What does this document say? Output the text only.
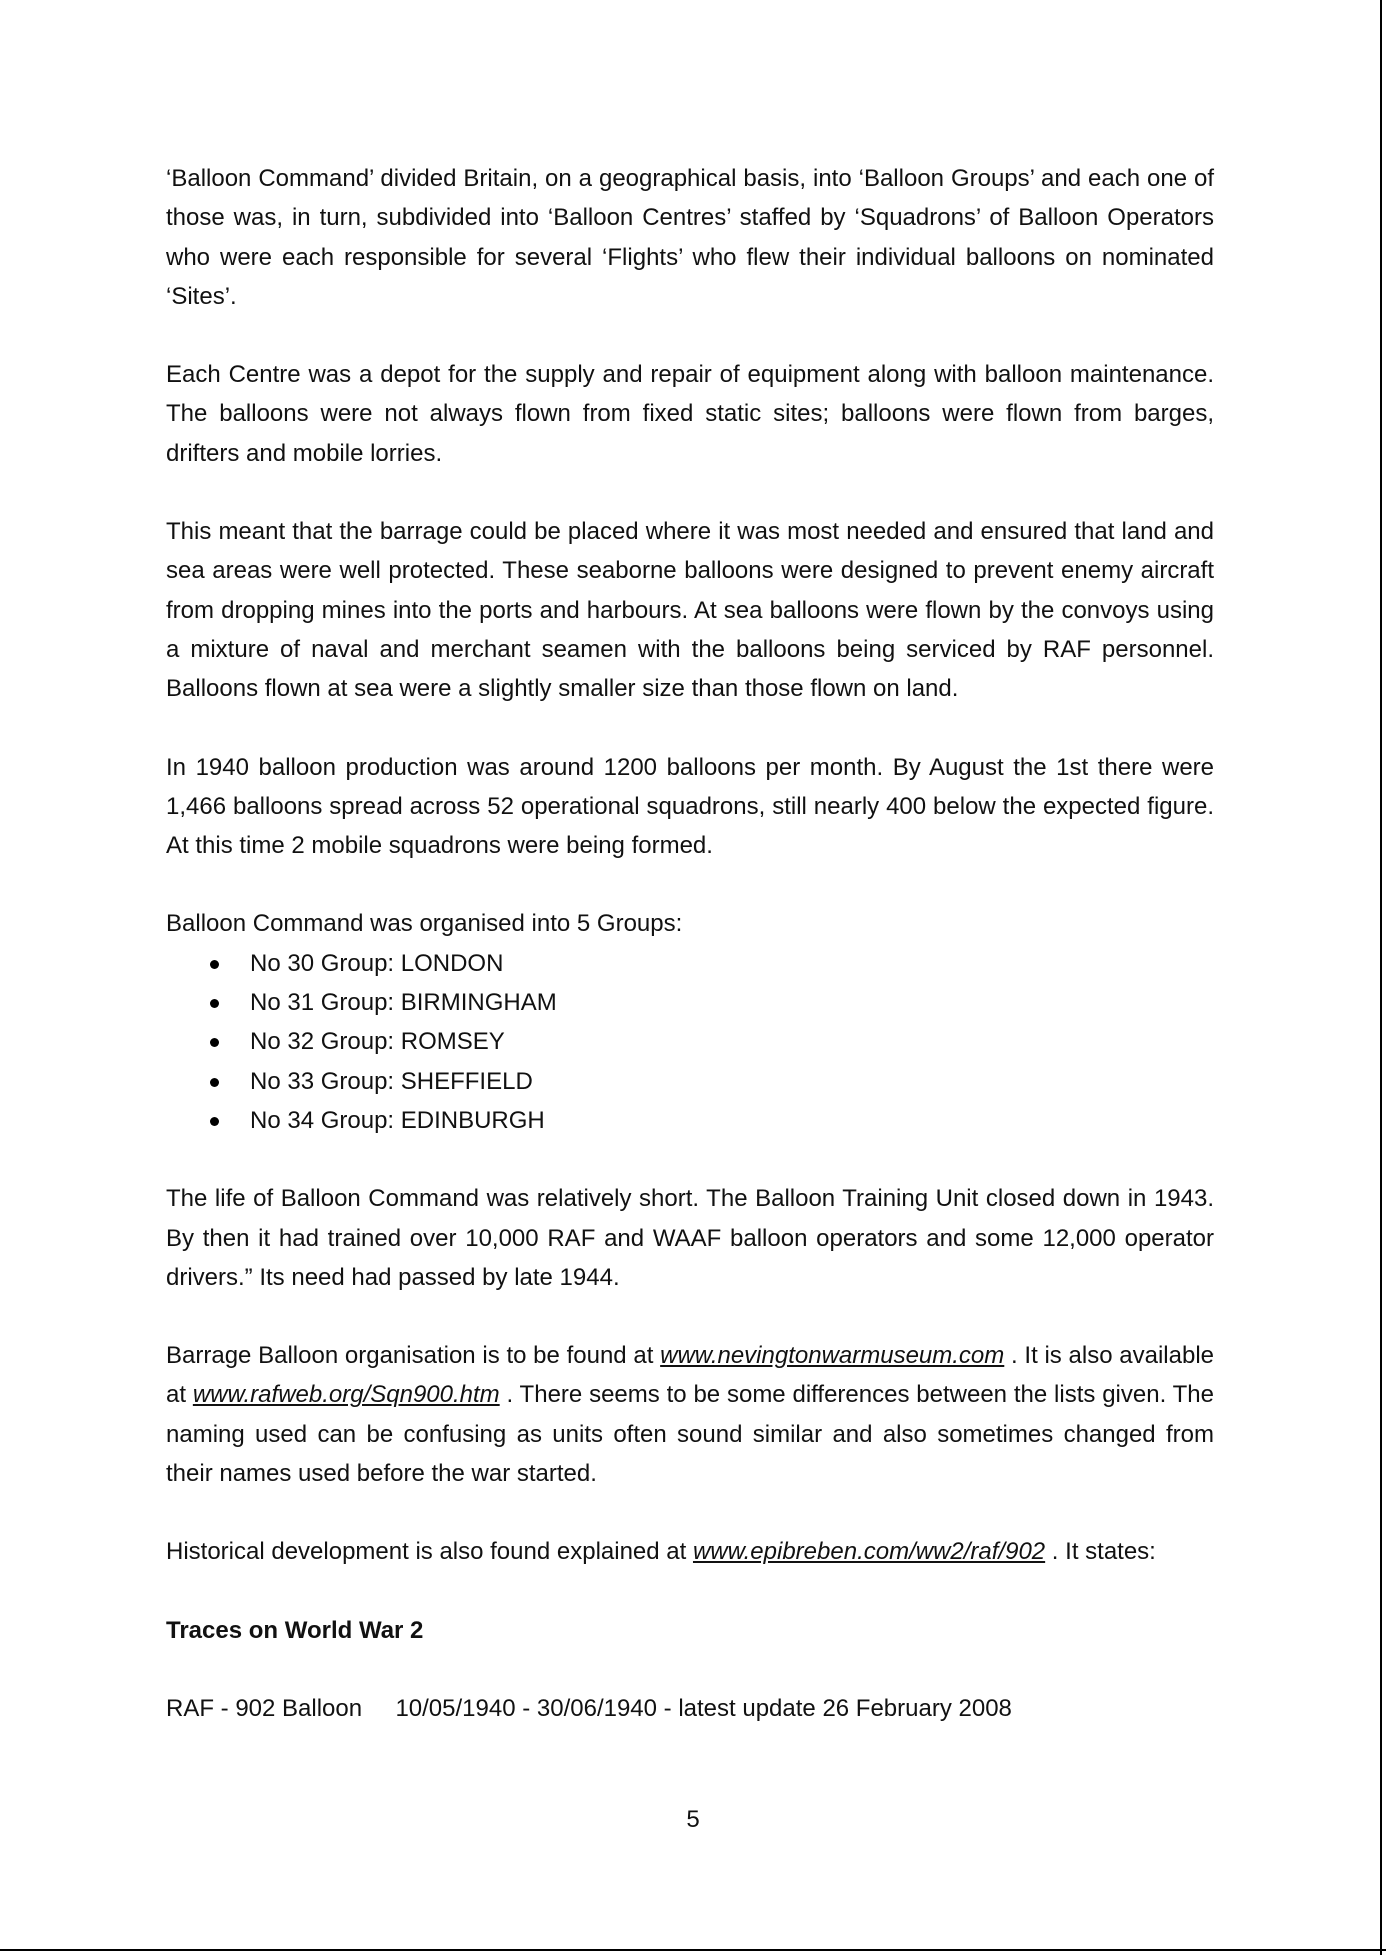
‘Balloon Command’ divided Britain, on a geographical basis, into ‘Balloon Groups’ and each one of those was, in turn, subdivided into ‘Balloon Centres’ staffed by ‘Squadrons’ of Balloon Operators who were each responsible for several ‘Flights’ who flew their individual balloons on nominated ‘Sites’.

Each Centre was a depot for the supply and repair of equipment along with balloon maintenance. The balloons were not always flown from fixed static sites; balloons were flown from barges, drifters and mobile lorries.

This meant that the barrage could be placed where it was most needed and ensured that land and sea areas were well protected. These seaborne balloons were designed to prevent enemy aircraft from dropping mines into the ports and harbours. At sea balloons were flown by the convoys using a mixture of naval and merchant seamen with the balloons being serviced by RAF personnel. Balloons flown at sea were a slightly smaller size than those flown on land.

In 1940 balloon production was around 1200 balloons per month. By August the 1st there were 1,466 balloons spread across 52 operational squadrons, still nearly 400 below the expected figure. At this time 2 mobile squadrons were being formed.

Balloon Command was organised into 5 Groups:

No 30 Group: LONDON
No 31 Group: BIRMINGHAM
No 32 Group: ROMSEY
No 33 Group: SHEFFIELD
No 34 Group: EDINBURGH

The life of Balloon Command was relatively short. The Balloon Training Unit closed down in 1943. By then it had trained over 10,000 RAF and WAAF balloon operators and some 12,000 operator drivers.” Its need had passed by late 1944.

Barrage Balloon organisation is to be found at www.nevingtonwarmuseum.com . It is also available at www.rafweb.org/Sqn900.htm . There seems to be some differences between the lists given. The naming used can be confusing as units often sound similar and also sometimes changed from their names used before the war started.

Historical development is also found explained at www.epibreben.com/ww2/raf/902 . It states:

Traces on World War 2

RAF - 902 Balloon     10/05/1940 - 30/06/1940 - latest update 26 February 2008

5
